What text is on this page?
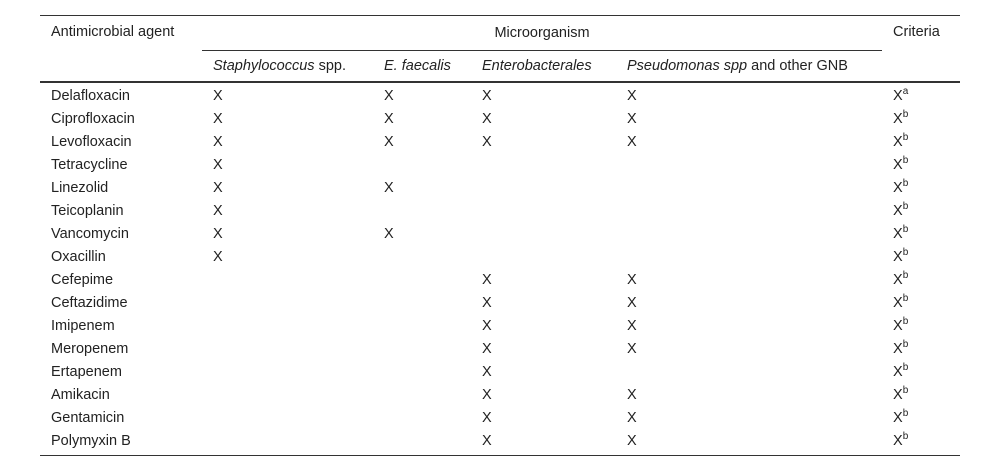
Antimicrobial agent	Microorganism				Criteria
	Staphylococcus spp.	E. faecalis	Enterobacterales	Pseudomonas spp and other GNB	
Delafloxacin	X	X	X	X	$X^a$
Ciprofloxacin	X	X	X	X	$X^b$
Levofloxacin	X	X	X	X	$X^b$
Tetracycline	X				$X^b$
Linezolid	X	X			$X^b$
Teicoplanin	X				$X^b$
Vancomycin	X	X			$X^b$
Oxacillin	X				$X^b$
Cefepime			X	X	$X^b$
Ceftazidime			X	X	$X^b$
Imipenem			X	X	$X^b$
Meropenem			X	X	$X^b$
Ertapenem			X		$X^b$
Amikacin			X	X	$X^b$
Gentamicin			X	X	$X^b$
Polymyxin B			X	X	$X^b$
